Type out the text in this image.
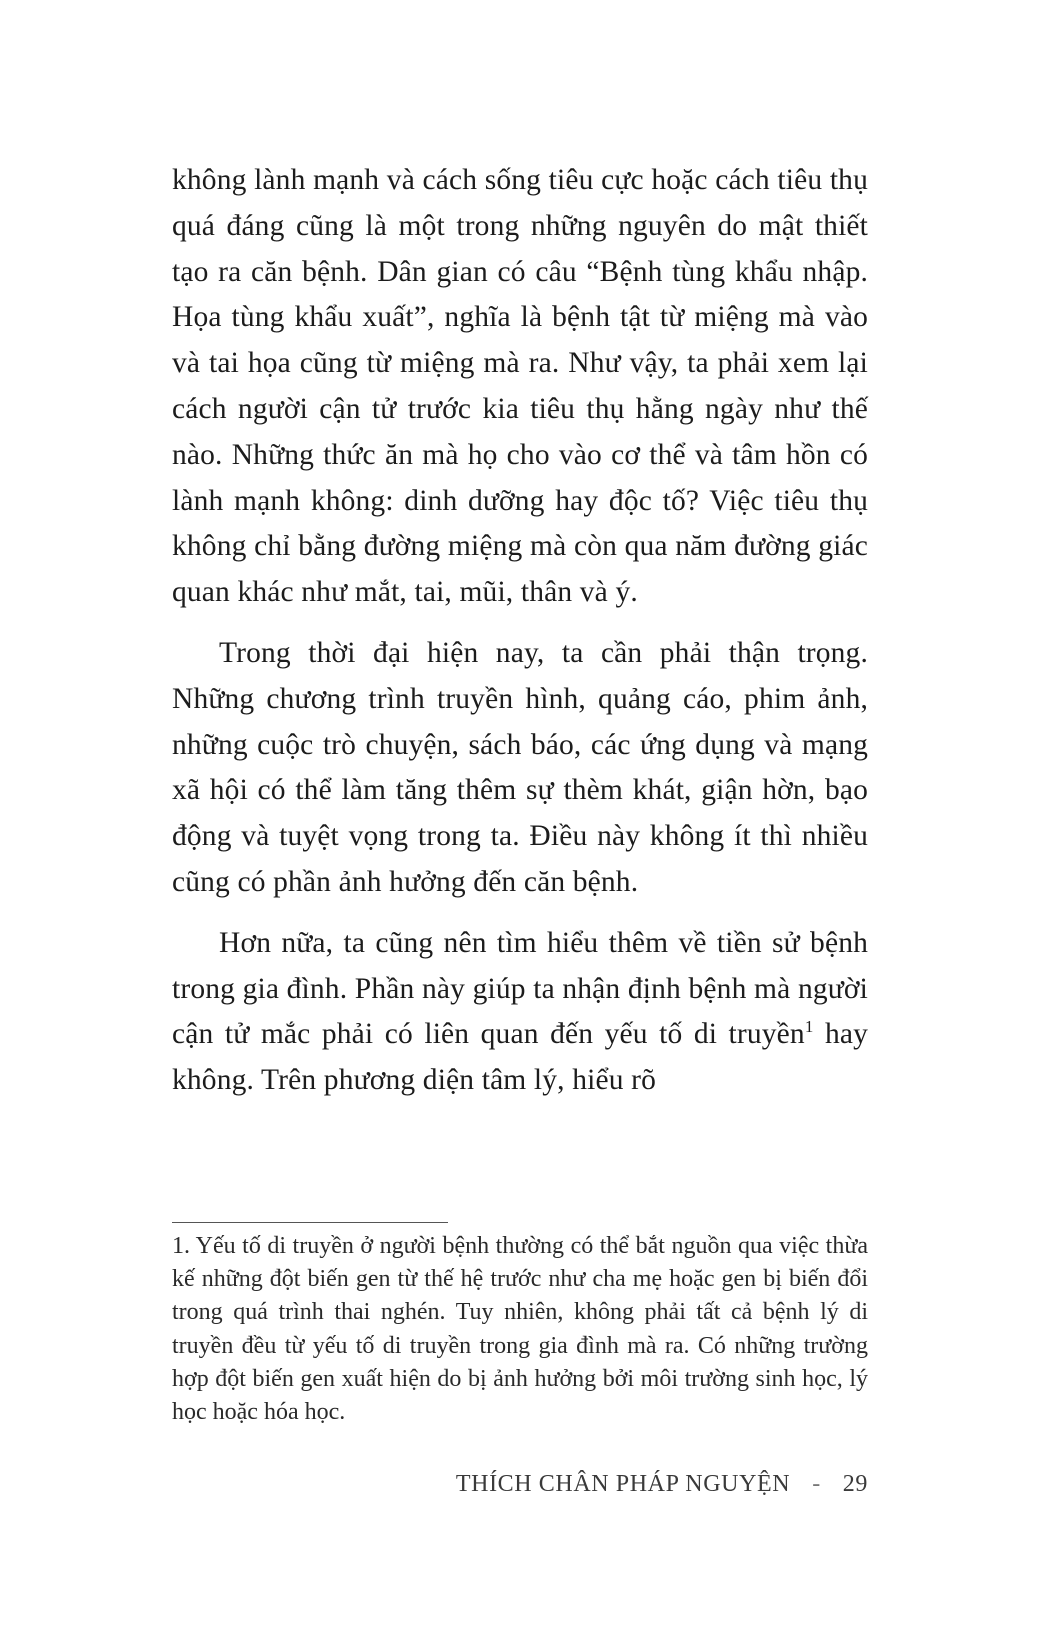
không lành mạnh và cách sống tiêu cực hoặc cách tiêu thụ quá đáng cũng là một trong những nguyên do mật thiết tạo ra căn bệnh. Dân gian có câu “Bệnh tùng khẩu nhập. Họa tùng khẩu xuất”, nghĩa là bệnh tật từ miệng mà vào và tai họa cũng từ miệng mà ra. Như vậy, ta phải xem lại cách người cận tử trước kia tiêu thụ hằng ngày như thế nào. Những thức ăn mà họ cho vào cơ thể và tâm hồn có lành mạnh không: dinh dưỡng hay độc tố? Việc tiêu thụ không chỉ bằng đường miệng mà còn qua năm đường giác quan khác như mắt, tai, mũi, thân và ý.

Trong thời đại hiện nay, ta cần phải thận trọng. Những chương trình truyền hình, quảng cáo, phim ảnh, những cuộc trò chuyện, sách báo, các ứng dụng và mạng xã hội có thể làm tăng thêm sự thèm khát, giận hờn, bạo động và tuyệt vọng trong ta. Điều này không ít thì nhiều cũng có phần ảnh hưởng đến căn bệnh.

Hơn nữa, ta cũng nên tìm hiểu thêm về tiền sử bệnh trong gia đình. Phần này giúp ta nhận định bệnh mà người cận tử mắc phải có liên quan đến yếu tố di truyền$^1$ hay không. Trên phương diện tâm lý, hiểu rõ

1. Yếu tố di truyền ở người bệnh thường có thể bắt nguồn qua việc thừa kế những đột biến gen từ thế hệ trước như cha mẹ hoặc gen bị biến đổi trong quá trình thai nghén. Tuy nhiên, không phải tất cả bệnh lý di truyền đều từ yếu tố di truyền trong gia đình mà ra. Có những trường hợp đột biến gen xuất hiện do bị ảnh hưởng bởi môi trường sinh học, lý học hoặc hóa học.
THÍCH CHÂN PHÁP NGUYỆN - 29
